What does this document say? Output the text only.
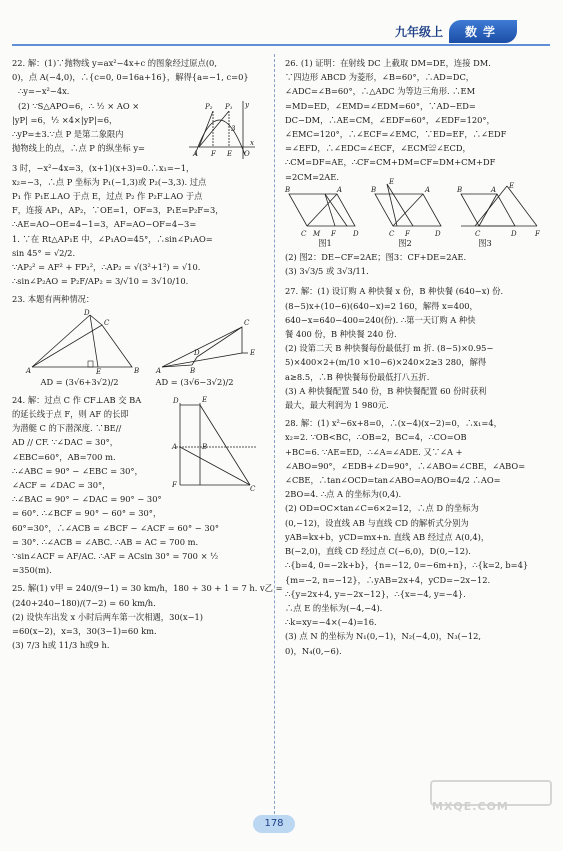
九年级上	数学
22. 解：(1)∵抛物线 y=ax²−4x+c 的图象经过原点(0,
0)，点 A(−4,0)，∴{c=0, 0=16a+16}，解得{a=−1, c=0}
∴y=−x²−4x.
(2) ∵S△APO=6，∴ ½ × AO ×
|yP| =6，½ ×4×|yP|=6，
∴yP=±3.∵点 P 是第二象限内
抛物线上的点，∴点 P 的纵坐标 y=
A F E O
x
y
3
P₂ P₁
3 时，−x²−4x=3，(x+1)(x+3)=0.∴x₁=−1，
x₂=−3，∴点 P 坐标为 P₁(−1,3)或 P₂(−3,3). 过点
P₁ 作 P₁E⊥AO 于点 E，过点 P₂ 作 P₂F⊥AO 于点
F，连接 AP₁，AP₂，∵OE=1，OF=3，P₁E=P₂F=3，
∴AE=AO−OE=4−1=3，AF=AO−OF=4−3=
1. ∵在 Rt△AP₁E 中，∠P₁AO=45°，∴sin∠P₁AO=
sin 45° = √2/2.
∵AP₂² = AF² + FP₂²，∴AP₂ = √(3²+1²) = √10.
∴sin∠P₂AO = P₂F/AP₂ = 3/√10 = 3√10/10.
23. 本题有两种情况：
A	B
C
D
E	A
C
B
D	E
AD = (3√6+3√2)/2	AD = (3√6−3√2)/2
24. 解：过点 C 作 CF⊥AB 交 BA
的延长线于点 F，则 AF 的长即
为潜艇 C 的下潜深度. ∵BE//
AD // CF. ∵∠DAC = 30°，
∠EBC=60°，AB=700 m.
∴∠ABC = 90° − ∠EBC = 30°，
∠ACF = ∠DAC = 30°，
D	E
A	B
F	C
∴∠BAC = 90° − ∠DAC = 90° − 30°
= 60°. ∴∠BCF = 90° − 60° = 30°，
60°=30°，∴∠ACB = ∠BCF − ∠ACF = 60° − 30°
= 30°. ∴∠ACB = ∠ABC. ∴AB = AC = 700 m.
∵sin∠ACF = AF/AC. ∴AF = ACsin 30° = 700 × ½
=350(m).
25. 解(1) v甲 = 240/(9−1) = 30 km/h，180 ÷ 30 + 1 = 7 h. v乙 =
(240+240−180)/(7−2) = 60 km/h.
(2) 设快车出发 x 小时后两车第一次相遇，30(x−1)
=60(x−2)，x=3，30(3−1)=60 km.
(3) 7/3 h或 11/3 h或9 h.
26. (1) 证明：在射线 DC 上截取 DM=DE，连接 DM.
∵四边形 ABCD 为菱形，∠B=60°，∴AD=DC，
∠ADC=∠B=60°，∴△ADC 为等边三角形. ∴EM
=MD=ED，∠EMD=∠EDM=60°，∵AD−ED=
DC−DM，∴AE=CM，∠EDF=60°，∠EDF=120°，
∠EMC=120°，∴∠ECF=∠EMC，∵ED=EF，∴∠EDF
=∠EFD，∴∠EDC=∠ECF，∠ECM≌∠ECD，
∴CM=DF=AE，∴CF=CM+DM=CF=DM+CM+DF
=2CM=2AE.
B	A
C M F D
B	A
C F	D
E
B	A
C	D	F
E
图1	图2	图3
(2) 图2：DE−CF=2AE；图3：CF+DE=2AE.
(3) 3√3/5 或 3√3/11.
27. 解：(1) 设订购 A 种快餐 x 份，B 种快餐 (640−x) 份.
(8−5)x+(10−6)(640−x)=2 160，解得 x=400，
640−x=640−400=240(份). ∴第一天订购 A 种快
餐 400 份，B 种快餐 240 份.
(2) 设第二天 B 种快餐每份最低打 m 折. (8−5)×0.95−
5)×400×2+(m/10 ×10−6)×240×2≥3 280，解得
a≥8.5，∴B 种快餐每份最低打八五折.
(3) A 种快餐配置 540 份，B 种快餐配置 60 份时获利
最大，最大利润为 1 980元.
28. 解：(1) x²−6x+8=0，∴(x−4)(x−2)=0，∴x₁=4，
x₂=2. ∵OB<BC，∴OB=2，BC=4，∴CO=OB
+BC=6. ∵AE=ED，∴∠A=∠ADE. 又∵∠A +
∠ABO=90°，∠EDB+∠D=90°，∴∠ABO=∠CBE，∠ABO=
∠CBE，∴tan∠OCD=tan∠ABO=AO/BO=4/2 ∴AO=
2BO=4. ∴点 A 的坐标为(0,4).
(2) OD=OC×tan∠C=6×2=12，∴点 D 的坐标为
(0,−12)，设直线 AB 与直线 CD 的解析式分别为
yAB=kx+b，yCD=mx+n. 直线 AB 经过点 A(0,4)，
B(−2,0)，直线 CD 经过点 C(−6,0)，D(0,−12).
∴{b=4, 0=−2k+b}，{n=−12, 0=−6m+n}，∴{k=2, b=4}
{m=−2, n=−12}，∴yAB=2x+4，yCD=−2x−12.
∴{y=2x+4, y=−2x−12}，∴{x=−4, y=−4}.
∴点 E 的坐标为(−4,−4).
∴k=xy=−4×(−4)=16.
(3) 点 N 的坐标为 N₁(0,−1)，N₂(−4,0)，N₃(−12,
0)，N₄(0,−6).
178
MXQE.COM
